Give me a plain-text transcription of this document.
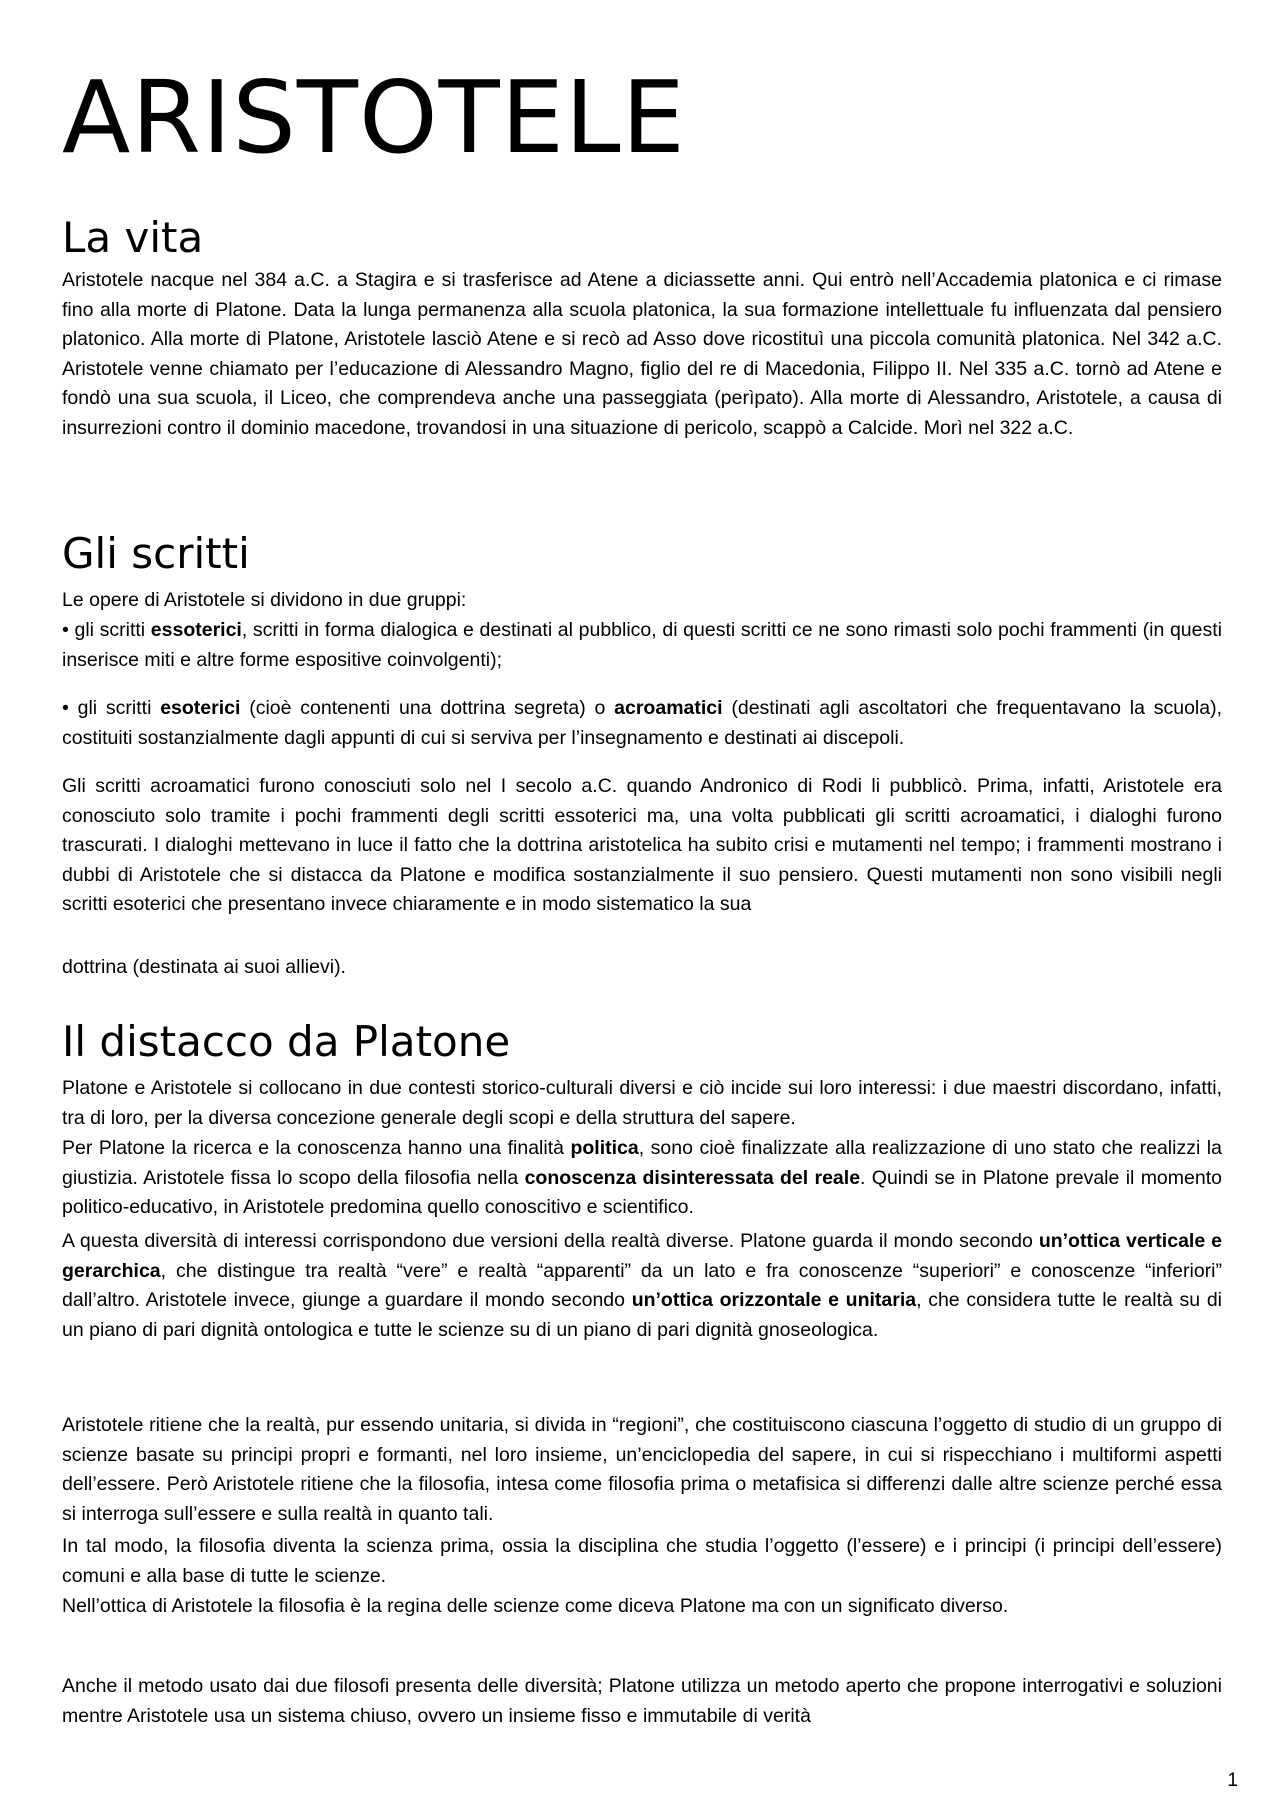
ARISTOTELE
La vita

Aristotele nacque nel 384 a.C. a Stagira e si trasferisce ad Atene a diciassette anni. Qui entrò nell’Accademia platonica e ci rimase fino alla morte di Platone. Data la lunga permanenza alla scuola platonica, la sua formazione intellettuale fu influenzata dal pensiero platonico. Alla morte di Platone, Aristotele lasciò Atene e si recò ad Asso dove ricostituì una piccola comunità platonica. Nel 342 a.C. Aristotele venne chiamato per l’educazione di Alessandro Magno, figlio del re di Macedonia, Filippo II. Nel 335 a.C. tornò ad Atene e fondò una sua scuola, il Liceo, che comprendeva anche una passeggiata (perìpato). Alla morte di Alessandro, Aristotele, a causa di insurrezioni contro il dominio macedone, trovandosi in una situazione di pericolo, scappò a Calcide. Morì nel 322 a.C.

Gli scritti

Le opere di Aristotele si dividono in due gruppi:

• gli scritti essoterici, scritti in forma dialogica e destinati al pubblico, di questi scritti ce ne sono rimasti solo pochi frammenti (in questi inserisce miti e altre forme espositive coinvolgenti);

• gli scritti esoterici (cioè contenenti una dottrina segreta) o acroamatici (destinati agli ascoltatori che frequentavano la scuola), costituiti sostanzialmente dagli appunti di cui si serviva per l’insegnamento e destinati ai discepoli.

Gli scritti acroamatici furono conosciuti solo nel I secolo a.C. quando Andronico di Rodi li pubblicò. Prima, infatti, Aristotele era conosciuto solo tramite i pochi frammenti degli scritti essoterici ma, una volta pubblicati gli scritti acroamatici, i dialoghi furono trascurati. I dialoghi mettevano in luce il fatto che la dottrina aristotelica ha subito crisi e mutamenti nel tempo; i frammenti mostrano i dubbi di Aristotele che si distacca da Platone e modifica sostanzialmente il suo pensiero. Questi mutamenti non sono visibili negli scritti esoterici che presentano invece chiaramente e in modo sistematico la sua

dottrina (destinata ai suoi allievi).

Il distacco da Platone

Platone e Aristotele si collocano in due contesti storico-culturali diversi e ciò incide sui loro interessi: i due maestri discordano, infatti, tra di loro, per la diversa concezione generale degli scopi e della struttura del sapere.

Per Platone la ricerca e la conoscenza hanno una finalità politica, sono cioè finalizzate alla realizzazione di uno stato che realizzi la giustizia. Aristotele fissa lo scopo della filosofia nella conoscenza disinteressata del reale. Quindi se in Platone prevale il momento politico-educativo, in Aristotele predomina quello conoscitivo e scientifico.

A questa diversità di interessi corrispondono due versioni della realtà diverse. Platone guarda il mondo secondo un’ottica verticale e gerarchica, che distingue tra realtà “vere” e realtà “apparenti” da un lato e fra conoscenze “superiori” e conoscenze “inferiori” dall’altro. Aristotele invece, giunge a guardare il mondo secondo un’ottica orizzontale e unitaria, che considera tutte le realtà su di un piano di pari dignità ontologica e tutte le scienze su di un piano di pari dignità gnoseologica.

Aristotele ritiene che la realtà, pur essendo unitaria, si divida in “regioni”, che costituiscono ciascuna l’oggetto di studio di un gruppo di scienze basate su principi propri e formanti, nel loro insieme, un’enciclopedia del sapere, in cui si rispecchiano i multiformi aspetti dell’essere. Però Aristotele ritiene che la filosofia, intesa come filosofia prima o metafisica si differenzi dalle altre scienze perché essa si interroga sull’essere e sulla realtà in quanto tali.

In tal modo, la filosofia diventa la scienza prima, ossia la disciplina che studia l’oggetto (l’essere) e i principi (i principi dell’essere) comuni e alla base di tutte le scienze.

Nell’ottica di Aristotele la filosofia è la regina delle scienze come diceva Platone ma con un significato diverso.

Anche il metodo usato dai due filosofi presenta delle diversità; Platone utilizza un metodo aperto che propone interrogativi e soluzioni mentre Aristotele usa un sistema chiuso, ovvero un insieme fisso e immutabile di verità

1
